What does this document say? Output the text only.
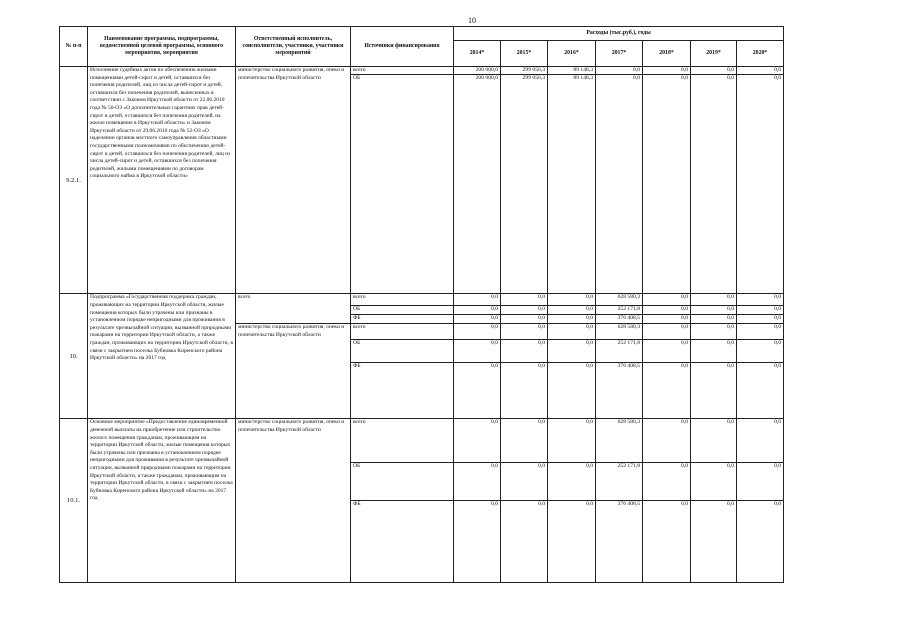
10
№ п-п	Наименование программы, подпрограммы, ведомственной целевой программы, основного мероприятия, мероприятия	Ответственный исполнитель, соисполнители, участники, участники мероприятий	Источники финансирования	Расходы (тыс.руб.), годы						
				2014*	2015*	2016*	2017*	2018*	2019*	2020*
9.2.1.	Исполнение судебных актов по обеспечению жилыми помещениями детей-сирот и детей, оставшихся без попечения родителей, лиц из числа детей-сирот и детей, оставшихся без попечения родителей, вынесенных в соответствии с Законом Иркутской области от 22.06.2010 года № 50-ОЗ «О дополнительных гарантиях прав детей-сирот и детей, оставшихся без попечения родителей, на жилое помещение в Иркутской области» и Законом Иркутской области от 29.06.2010 года № 52-ОЗ «О наделении органов местного самоуправления областными государственными полномочиями по обеспечению детей-сирот и детей, оставшихся без попечения родителей, лиц из числа детей-сирот и детей, оставшихся без попечения родителей, жилыми помещениями по договорам социального найма в Иркутской области»	министерство социального развития, опеки и попечительства Иркутской области	всего	200 000,0	299 056,3	89 148,3	0,0	0,0	0,0	0,0
			ОБ	200 000,0	299 056,3	89 148,3	0,0	0,0	0,0	0,0
10.	Подпрограмма «Государственная поддержка граждан, проживающих на территории Иркутской области, жилые помещения которых были утрачены или признаны в установленном порядке непригодными для проживания в результате чрезвычайной ситуации, вызванной природными пожарами на территории Иркутской области, а также граждан, проживающих на территории Иркутской области, в связи с закрытием поселка Бубновка Киренского района Иркутской области» на 2017 год	всего	всего	0,0	0,0	0,0	628 580,3	0,0	0,0	0,0
			ОБ	0,0	0,0	0,0	252 171,8	0,0	0,0	0,0
			ФБ	0,0	0,0	0,0	376 408,5	0,0	0,0	0,0
		министерство социального развития, опеки и попечительства Иркутской области	всего	0,0	0,0	0,0	628 580,3	0,0	0,0	0,0
			ОБ	0,0	0,0	0,0	252 171,8	0,0	0,0	0,0
			ФБ	0,0	0,0	0,0	376 408,5	0,0	0,0	0,0
10.1.	Основное мероприятие «Предоставление единовременной денежной выплаты на приобретение или строительство жилого помещения гражданам, проживающим на территории Иркутской области, жилые помещения которых были утрачены или признаны в установленном порядке непригодными для проживания в результате чрезвычайной ситуации, вызванной природными пожарами на территории Иркутской области, а также гражданам, проживающим на территории Иркутской области, в связи с закрытием поселка Бубновка Киренского района Иркутской области» на 2017 год	министерство социального развития, опеки и попечительства Иркутской области	всего	0,0	0,0	0,0	628 580,3	0,0	0,0	0,0
			ОБ	0,0	0,0	0,0	252 171,8	0,0	0,0	0,0
			ФБ	0,0	0,0	0,0	376 408,5	0,0	0,0	0,0
